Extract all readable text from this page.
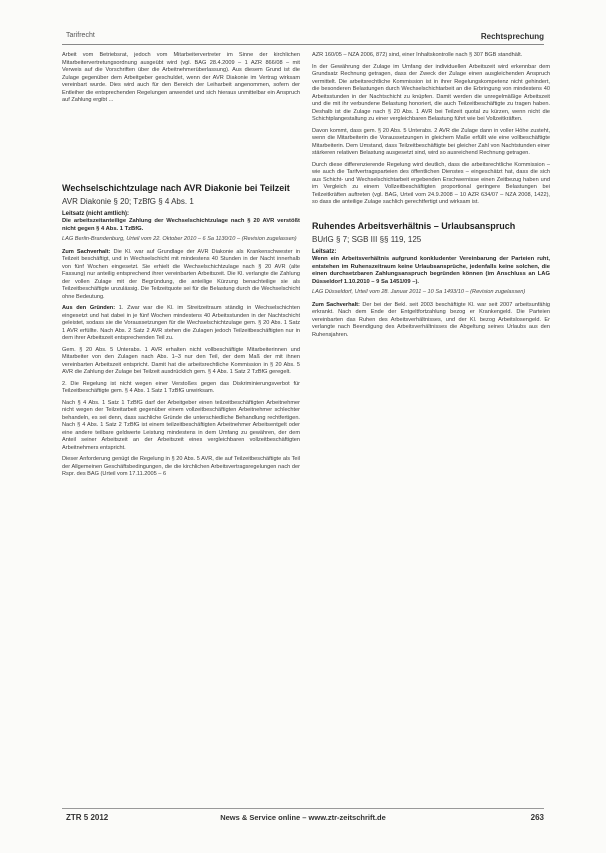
Tarifrecht	Rechtsprechung

Arbeit vom Betriebsrat, jedoch vom Mitarbeitervertreter im Sinne der kirchlichen Mitarbeitervertretungsordnung ausgeübt wird (vgl. BAG 28.4.2009 – 1 AZR 866/08 – mit Verweis auf die Vorschriften über die Arbeitnehmerüberlassung). Aus diesem Grund ist die Zulage gegenüber dem Arbeitgeber geschuldet, wenn der AVR Diakonie im Vertrag wirksam vereinbart wurde. Dies wird auch für den Bereich der Leiharbeit angenommen, sofern der Entleiher die entsprechenden Regelungen anwendet und sich hieraus unmittelbar ein Anspruch auf Zahlung ergibt ...

Wechselschichtzulage nach AVR Diakonie bei Teilzeit
AVR Diakonie § 20; TzBfG § 4 Abs. 1

Leitsatz (nicht amtlich):

Die arbeitszeitanteilige Zahlung der Wechselschichtzulage nach § 20 AVR verstößt nicht gegen § 4 Abs. 1 TzBfG.

LAG Berlin-Brandenburg, Urteil vom 22. Oktober 2010 – 6 Sa 1130/10 – (Revision zugelassen)

Zum Sachverhalt: Die Kl. war auf Grundlage der AVR Diakonie als Krankenschwester in Teilzeit beschäftigt, und in Wechselschicht mit mindestens 40 Stunden in der Nacht innerhalb von fünf Wochen eingesetzt. Sie erhielt die Wechselschichtzulage nach § 20 AVR (alte Fassung) nur anteilig entsprechend ihrer vereinbarten Arbeitszeit. Die Kl. verlangte die Zahlung der vollen Zulage mit der Begründung, die anteilige Kürzung benachteilige sie als Teilzeitbeschäftigte unzulässig. Die Teilzeitquote sei für die Belastung durch die Wechselschicht ohne Bedeutung.

Aus den Gründen: 1. Zwar war die Kl. im Streitzeitraum ständig in Wechselschichten eingesetzt und hat dabei in je fünf Wochen mindestens 40 Arbeitsstunden in der Nachtschicht geleistet, sodass sie die Voraussetzungen für die Wechselschichtzulage gem. § 20 Abs. 1 Satz 1 AVR erfüllte. Nach Abs. 2 Satz 2 AVR stehen die Zulagen jedoch Teilzeitbeschäftigten nur in dem ihrer Arbeitszeit entsprechenden Teil zu.

Gem. § 20 Abs. 5 Unterabs. 1 AVR erhalten nicht vollbeschäftigte Mitarbeiterinnen und Mitarbeiter von den Zulagen nach Abs. 1–3 nur den Teil, der dem Maß der mit ihnen vereinbarten Arbeitszeit entspricht. Damit hat die arbeitsrechtliche Kommission in § 20 Abs. 5 AVR die Zahlung der Zulage bei Teilzeit ausdrücklich gem. § 4 Abs. 1 Satz 2 TzBfG geregelt.

2. Die Regelung ist nicht wegen einer Verstoßes gegen das Diskriminierungsverbot für Teilzeitbeschäftigte gem. § 4 Abs. 1 Satz 1 TzBfG unwirksam.

Nach § 4 Abs. 1 Satz 1 TzBfG darf der Arbeitgeber einen teilzeitbeschäftigten Arbeitnehmer nicht wegen der Teilzeitarbeit gegenüber einem vollzeitbeschäftigten Arbeitnehmer schlechter behandeln, es sei denn, dass sachliche Gründe die unterschiedliche Behandlung rechtfertigen. Nach § 4 Abs. 1 Satz 2 TzBfG ist einem teilzeitbeschäftigten Arbeitnehmer Arbeitsentgelt oder eine andere teilbare geldwerte Leistung mindestens in dem Umfang zu gewähren, der dem Anteil seiner Arbeitszeit an der Arbeitszeit eines vergleichbaren vollzeitbeschäftigten Arbeitnehmers entspricht.

Dieser Anforderung genügt die Regelung in § 20 Abs. 5 AVR, die auf Teilzeitbeschäftigte als Teil der Allgemeinen Geschäftsbedingungen, die die kirchlichen Arbeitsvertragsregelungen nach der Rspr. des BAG (Urteil vom 17.11.2005 – 6

AZR 160/05 – NZA 2006, 872) sind, einer Inhaltskontrolle nach § 307 BGB standhält.

In der Gewährung der Zulage im Umfang der individuellen Arbeitszeit wird erkennbar dem Grundsatz Rechnung getragen, dass der Zweck der Zulage einen ausgleichenden Anspruch vermittelt. Die arbeitsrechtliche Kommission ist in ihrer Regelungskompetenz nicht gehindert, die besonderen Belastungen durch Wechselschichtarbeit an die Erbringung von mindestens 40 Arbeitsstunden in der Nachtschicht zu knüpfen. Damit werden die unregelmäßige Arbeitszeit und die mit ihr verbundene Belastung honoriert, die auch Teilzeitbeschäftigte zu tragen haben. Deshalb ist die Zulage nach § 20 Abs. 1 AVR bei Teilzeit quotal zu kürzen, wenn nicht die Schichtplangestaltung zu einer vergleichbaren Belastung führt wie bei Vollzeitkräften.

Davon kommt, dass gem. § 20 Abs. 5 Unterabs. 2 AVR die Zulage dann in voller Höhe zusteht, wenn die Mitarbeiterin die Voraussetzungen in gleichem Maße erfüllt wie eine vollbeschäftigte Mitarbeiterin. Dem Umstand, dass Teilzeitbeschäftigte bei gleicher Zahl von Nachtstunden einer stärkeren relativen Belastung ausgesetzt sind, wird so ausreichend Rechnung getragen.

Durch diese differenzierende Regelung wird deutlich, dass die arbeitsrechtliche Kommission – wie auch die Tarifvertragsparteien des öffentlichen Dienstes – eingeschätzt hat, dass die sich aus Schicht- und Wechselschichtarbeit ergebenden Erschwernisse einen Zeitbezug haben und im Vergleich zu einem Vollzeitbeschäftigten proportional geringere Belastungen bei Teilzeitkräften auftreten (vgl. BAG, Urteil vom 24.9.2008 – 10 AZR 634/07 – NZA 2008, 1422), so dass die anteilige Zulage sachlich gerechtfertigt und wirksam ist.

Ruhendes Arbeitsverhältnis – Urlaubsanspruch
BUrlG § 7; SGB III §§ 119, 125

Leitsatz:

Wenn ein Arbeitsverhältnis aufgrund konkludenter Vereinbarung der Parteien ruht, entstehen im Ruhenszeitraum keine Urlaubsansprüche, jedenfalls keine solchen, die einen durchsetzbaren Zahlungsanspruch begründen können (im Anschluss an LAG Düsseldorf 1.10.2010 – 9 Sa 1451/09 –).

LAG Düsseldorf, Urteil vom 28. Januar 2011 – 10 Sa 1493/10 – (Revision zugelassen)

Zum Sachverhalt: Der bei der Bekl. seit 2003 beschäftigte Kl. war seit 2007 arbeitsunfähig erkrankt. Nach dem Ende der Entgeltfortzahlung bezog er Krankengeld. Die Parteien vereinbarten das Ruhen des Arbeitsverhältnisses, und der Kl. bezog Arbeitslosengeld. Er verlangte nach Beendigung des Arbeitsverhältnisses die Abgeltung seines Urlaubs aus den Ruhensjahren.

ZTR 5 2012	News & Service online – www.ztr-zeitschrift.de	263
